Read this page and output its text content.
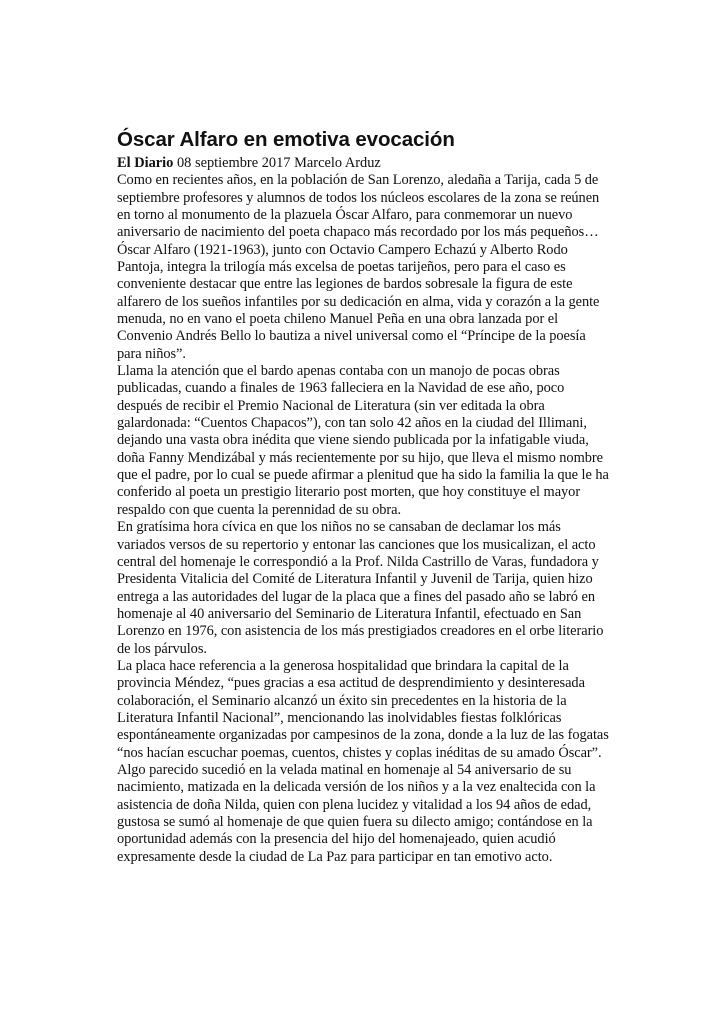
Óscar Alfaro en emotiva evocación

El Diario 08 septiembre 2017 Marcelo Arduz

Como en recientes años, en la población de San Lorenzo, aledaña a Tarija, cada 5 de septiembre profesores y alumnos de todos los núcleos escolares de la zona se reúnen en torno al monumento de la plazuela Óscar Alfaro, para conmemorar un nuevo aniversario de nacimiento del poeta chapaco más recordado por los más pequeños…

Óscar Alfaro (1921-1963), junto con Octavio Campero Echazú y Alberto Rodo Pantoja, integra la trilogía más excelsa de poetas tarijeños, pero para el caso es conveniente destacar que entre las legiones de bardos sobresale la figura de este alfarero de los sueños infantiles por su dedicación en alma, vida y corazón a la gente menuda, no en vano el poeta chileno Manuel Peña en una obra lanzada por el Convenio Andrés Bello lo bautiza a nivel universal como el “Príncipe de la poesía para niños”.

Llama la atención que el bardo apenas contaba con un manojo de pocas obras publicadas, cuando a finales de 1963 falleciera en la Navidad de ese año, poco después de recibir el Premio Nacional de Literatura (sin ver editada la obra galardonada: “Cuentos Chapacos”), con tan solo 42 años en la ciudad del Illimani, dejando una vasta obra inédita que viene siendo publicada por la infatigable viuda, doña Fanny Mendizábal y más recientemente por su hijo, que lleva el mismo nombre que el padre, por lo cual se puede afirmar a plenitud que ha sido la familia la que le ha conferido al poeta un prestigio literario post morten, que hoy constituye el mayor respaldo con que cuenta la perennidad de su obra.

En gratísima hora cívica en que los niños no se cansaban de declamar los más variados versos de su repertorio y entonar las canciones que los musicalizan, el acto central del homenaje le correspondió a la Prof. Nilda Castrillo de Varas, fundadora y Presidenta Vitalicia del Comité de Literatura Infantil y Juvenil de Tarija, quien hizo entrega a las autoridades del lugar de la placa que a fines del pasado año se labró en homenaje al 40 aniversario del Seminario de Literatura Infantil, efectuado en San Lorenzo en 1976, con asistencia de los más prestigiados creadores en el orbe literario de los párvulos.

La placa hace referencia a la generosa hospitalidad que brindara la capital de la provincia Méndez, “pues gracias a esa actitud de desprendimiento y desinteresada colaboración, el Seminario alcanzó un éxito sin precedentes en la historia de la Literatura Infantil Nacional”, mencionando las inolvidables fiestas folklóricas espontáneamente organizadas por campesinos de la zona, donde a la luz de las fogatas “nos hacían escuchar poemas, cuentos, chistes y coplas inéditas de su amado Óscar”.

Algo parecido sucedió en la velada matinal en homenaje al 54 aniversario de su nacimiento, matizada en la delicada versión de los niños y a la vez enaltecida con la asistencia de doña Nilda, quien con plena lucidez y vitalidad a los 94 años de edad, gustosa se sumó al homenaje de que quien fuera su dilecto amigo; contándose en la oportunidad además con la presencia del hijo del homenajeado, quien acudió expresamente desde la ciudad de La Paz para participar en tan emotivo acto.
